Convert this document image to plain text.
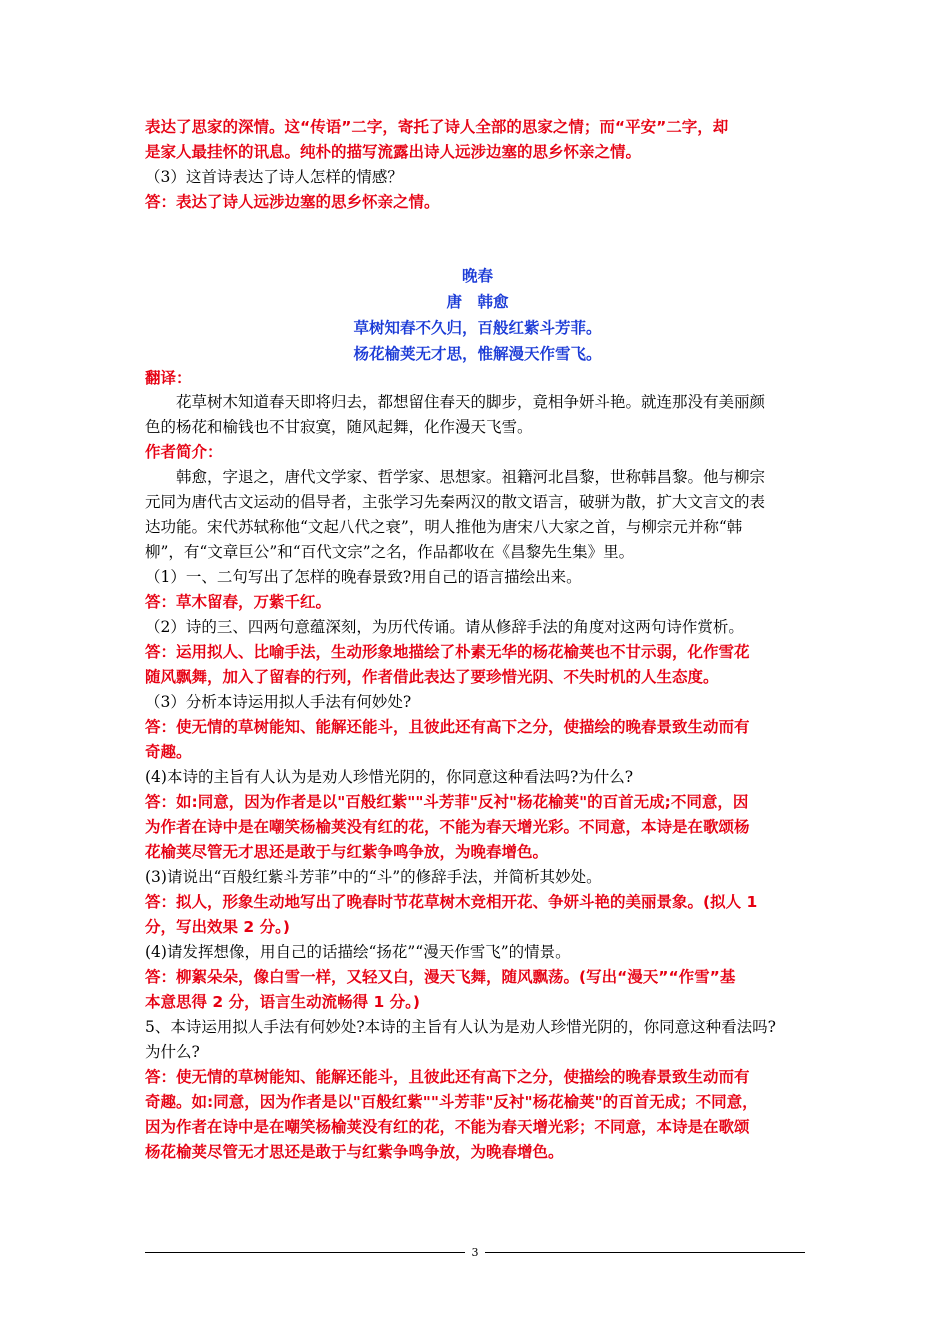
表达了思家的深情。这“传语”二字，寄托了诗人全部的思家之情；而“平安”二字，却
是家人最挂怀的讯息。纯朴的描写流露出诗人远涉边塞的思乡怀亲之情。
（3）这首诗表达了诗人怎样的情感？
答：表达了诗人远涉边塞的思乡怀亲之情。
晚春
唐　韩愈
草树知春不久归，百般红紫斗芳菲。
杨花榆荚无才思，惟解漫天作雪飞。
翻译：
花草树木知道春天即将归去，都想留住春天的脚步，竟相争妍斗艳。就连那没有美丽颜
色的杨花和榆钱也不甘寂寞，随风起舞，化作漫天飞雪。
作者简介：
韩愈，字退之，唐代文学家、哲学家、思想家。祖籍河北昌黎，世称韩昌黎。他与柳宗
元同为唐代古文运动的倡导者，主张学习先秦两汉的散文语言，破骈为散，扩大文言文的表
达功能。宋代苏轼称他“文起八代之衰”，明人推他为唐宋八大家之首，与柳宗元并称“韩
柳”，有“文章巨公”和“百代文宗”之名，作品都收在《昌黎先生集》里。
（1）一、二句写出了怎样的晚春景致?用自己的语言描绘出来。
答：草木留春，万紫千红。
（2）诗的三、四两句意蕴深刻，为历代传诵。请从修辞手法的角度对这两句诗作赏析。
答：运用拟人、比喻手法，生动形象地描绘了朴素无华的杨花榆荚也不甘示弱，化作雪花
随风飘舞，加入了留春的行列，作者借此表达了要珍惜光阴、不失时机的人生态度。
（3）分析本诗运用拟人手法有何妙处?
答：使无情的草树能知、能解还能斗，且彼此还有高下之分，使描绘的晚春景致生动而有
奇趣。
(4)本诗的主旨有人认为是劝人珍惜光阴的，你同意这种看法吗?为什么?
答：如:同意，因为作者是以"百般红紫""斗芳菲"反衬"杨花榆荚"的百首无成;不同意，因
为作者在诗中是在嘲笑杨榆荚没有红的花，不能为春天增光彩。不同意，本诗是在歌颂杨
花榆荚尽管无才思还是敢于与红紫争鸣争放，为晚春增色。
(3)请说出“百般红紫斗芳菲”中的“斗”的修辞手法，并简析其妙处。
答：拟人，形象生动地写出了晚春时节花草树木竞相开花、争妍斗艳的美丽景象。(拟人 1
分，写出效果 2 分。)
(4)请发挥想像，用自己的话描绘“扬花”“漫天作雪飞”的情景。
答：柳絮朵朵，像白雪一样，又轻又白，漫天飞舞，随风飘荡。(写出“漫天”“作雪”基
本意思得 2 分，语言生动流畅得 1 分。)
5、本诗运用拟人手法有何妙处?本诗的主旨有人认为是劝人珍惜光阴的，你同意这种看法吗?
为什么?
答：使无情的草树能知、能解还能斗，且彼此还有高下之分，使描绘的晚春景致生动而有
奇趣。如:同意，因为作者是以"百般红紫""斗芳菲"反衬"杨花榆荚"的百首无成；不同意，
因为作者在诗中是在嘲笑杨榆荚没有红的花，不能为春天增光彩；不同意，本诗是在歌颂
杨花榆荚尽管无才思还是敢于与红紫争鸣争放，为晚春增色。
3
